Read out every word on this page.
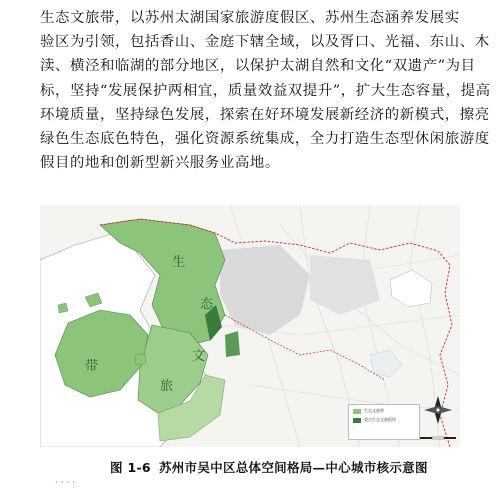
生态文旅带，以苏州太湖国家旅游度假区、苏州生态涵养发展实
验区为引领，包括香山、金庭下辖全域，以及胥口、光福、东山、木
渎、横泾和临湖的部分地区，以保护太湖自然和文化“双遗产”为目
标，坚持“发展保护两相宜，质量效益双提升”，扩大生态容量，提高
环境质量，坚持绿色发展，探索在好环境发展新经济的新模式，擦亮
绿色生态底色特色，强化资源系统集成，全力打造生态型休闲旅游度
假目的地和创新型新兴服务业高地。

生
态
文
旅
带
生态文旅带
重点生态文旅板块
图 1-6 苏州市吴中区总体空间格局—中心城市核示意图
· · · ·
